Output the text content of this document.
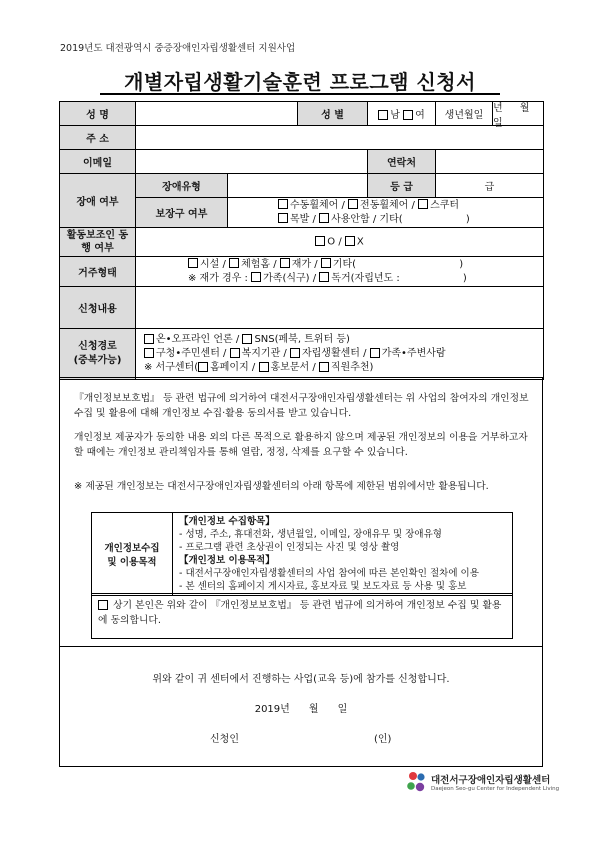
2019년도 대전광역시 중증장애인자립생활센터 지원사업
개별자립생활기술훈련 프로그램 신청서
성 명			성 별	남 여	생년월일
년 월 일

주 소					
이메일				연락처	
장애 여부	장애유형			등 급	급
	보장구 여부	수동휠체어 / 전동휠체어 / 스쿠터
목발 / 사용안함 / 기타( )			

활동보조인 동행 여부	O / X				
거주형태	시설 / 체험홈 / 재가 / 기타( )
※ 재가 경우 : 가족(식구) / 독거(자립년도 : )				

신청내용					
신청경로
(중복가능)	온•오프라인 언론 / SNS(페북, 트위터 등)
구청•주민센터 / 복지기관 / 자립생활센터 / 가족•주변사람
※ 서구센터( 홈페이지 / 홍보문서 / 직원추천)				

『개인정보보호법』 등 관련 법규에 의거하여 대전서구장애인자립생활센터는 위 사업의 참여자의 개인정보 수집 및 활용에 대해 개인정보 수집·활용 동의서를 받고 있습니다.

개인정보 제공자가 동의한 내용 외의 다른 목적으로 활용하지 않으며 제공된 개인정보의 이용을 거부하고자 할 때에는 개인정보 관리책임자를 통해 열람, 정정, 삭제를 요구할 수 있습니다.

※ 제공된 개인정보는 대전서구장애인자립생활센터의 아래 항목에 제한된 범위에서만 활용됩니다.

개인정보수집
및 이용목적	
【개인정보 수집항목】
- 성명, 주소, 휴대전화, 생년월일, 이메일, 장애유무 및 장애유형
- 프로그램 관련 초상권이 인정되는 사진 및 영상 촬영
【개인정보 이용목적】
- 대전서구장애인자립생활센터의 사업 참여에 따른 본인확인 절차에 이용
- 본 센터의 홈페이지 게시자료, 홍보자료 및 보도자료 등 사용 및 홍보

상기 본인은 위와 같이 『개인정보보호법』 등 관련 법규에 의거하여 개인정보 수집 및 활용에 동의합니다.

위와 같이 귀 센터에서 진행하는 사업(교육 등)에 참가를 신청합니다.
2019년      월      일
신청인	(인)
대전서구장애인자립생활센터
Daejeon Seo-gu Center for Independent Living
